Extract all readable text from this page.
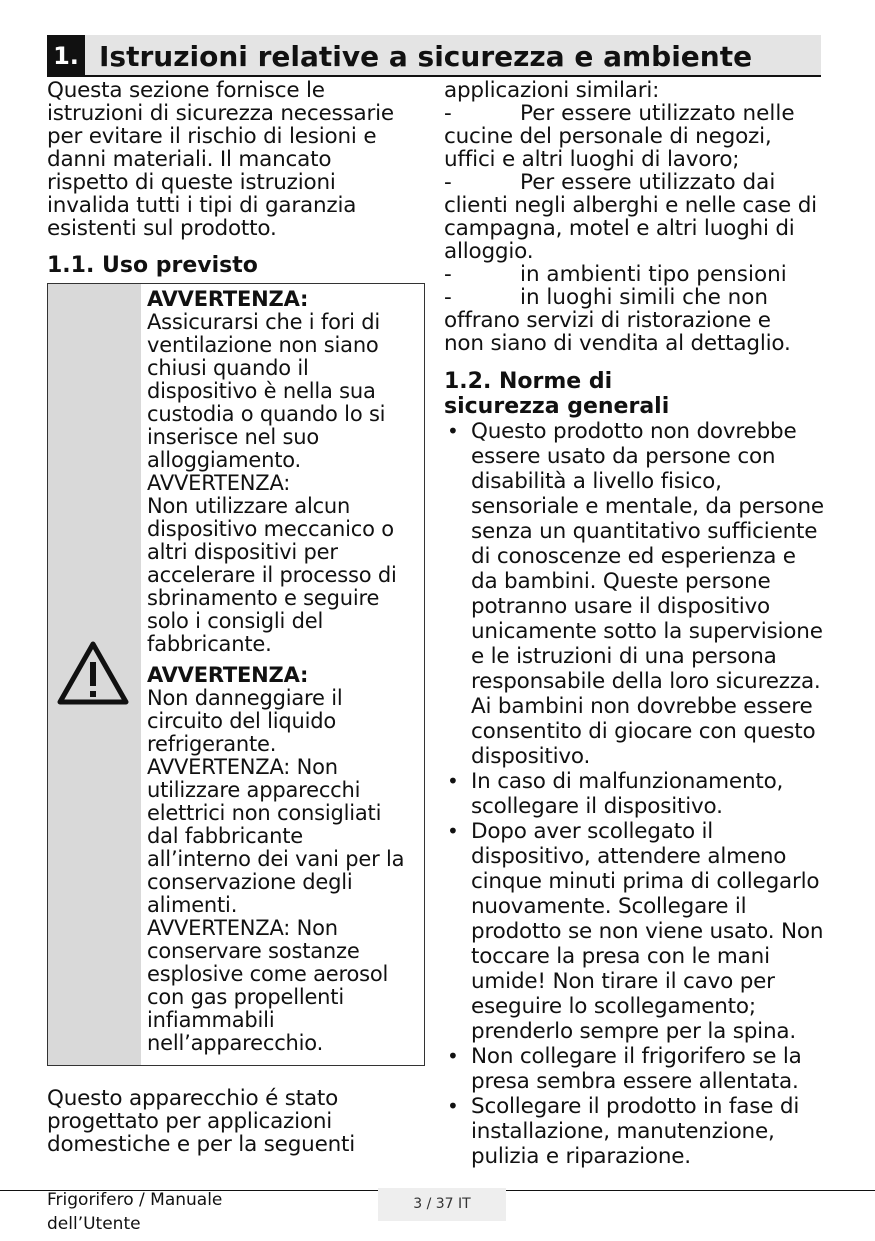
1. Istruzioni relative a sicurezza e ambiente

Questa sezione fornisce le istruzioni di sicurezza necessarie per evitare il rischio di lesioni e danni materiali. Il mancato rispetto di queste istruzioni invalida tutti i tipi di garanzia esistenti sul prodotto.

1.1. Uso previsto

AVVERTENZA:

Assicurarsi che i fori di ventilazione non siano chiusi quando il dispositivo è nella sua custodia o quando lo si inserisce nel suo alloggiamento.

AVVERTENZA:

Non utilizzare alcun dispositivo meccanico o altri dispositivi per accelerare il processo di sbrinamento e seguire solo i consigli del fabbricante.

AVVERTENZA:

Non danneggiare il circuito del liquido refrigerante.

AVVERTENZA: Non utilizzare apparecchi elettrici non consigliati dal fabbricante all’interno dei vani per la conservazione degli alimenti.

AVVERTENZA: Non conservare sostanze esplosive come aerosol con gas propellenti infiammabili nell’apparecchio.

Questo apparecchio é stato progettato per applicazioni domestiche e per la seguenti

applicazioni similari:

-	Per essere utilizzato nelle

cucine del personale di negozi, uffici e altri luoghi di lavoro;

-	Per essere utilizzato dai

clienti negli alberghi e nelle case di campagna, motel e altri luoghi di alloggio.

-	in ambienti tipo pensioni
-	in luoghi simili che non

offrano servizi di ristorazione e non siano di vendita al dettaglio.

1.2. Norme di

sicurezza generali

• Questo prodotto non dovrebbe essere usato da persone con disabilità a livello fisico, sensoriale e mentale, da persone senza un quantitativo sufficiente di conoscenze ed esperienza e da bambini. Queste persone potranno usare il dispositivo unicamente sotto la supervisione e le istruzioni di una persona responsabile della loro sicurezza. Ai bambini non dovrebbe essere consentito di giocare con questo dispositivo.
• In caso di malfunzionamento, scollegare il dispositivo.
• Dopo aver scollegato il dispositivo, attendere almeno cinque minuti prima di collegarlo nuovamente. Scollegare il prodotto se non viene usato. Non toccare la presa con le mani umide! Non tirare il cavo per eseguire lo scollegamento; prenderlo sempre per la spina.
• Non collegare il frigorifero se la presa sembra essere allentata.
• Scollegare il prodotto in fase di installazione, manutenzione, pulizia e riparazione.
Frigorifero / Manuale dell’Utente
3 / 37 IT
